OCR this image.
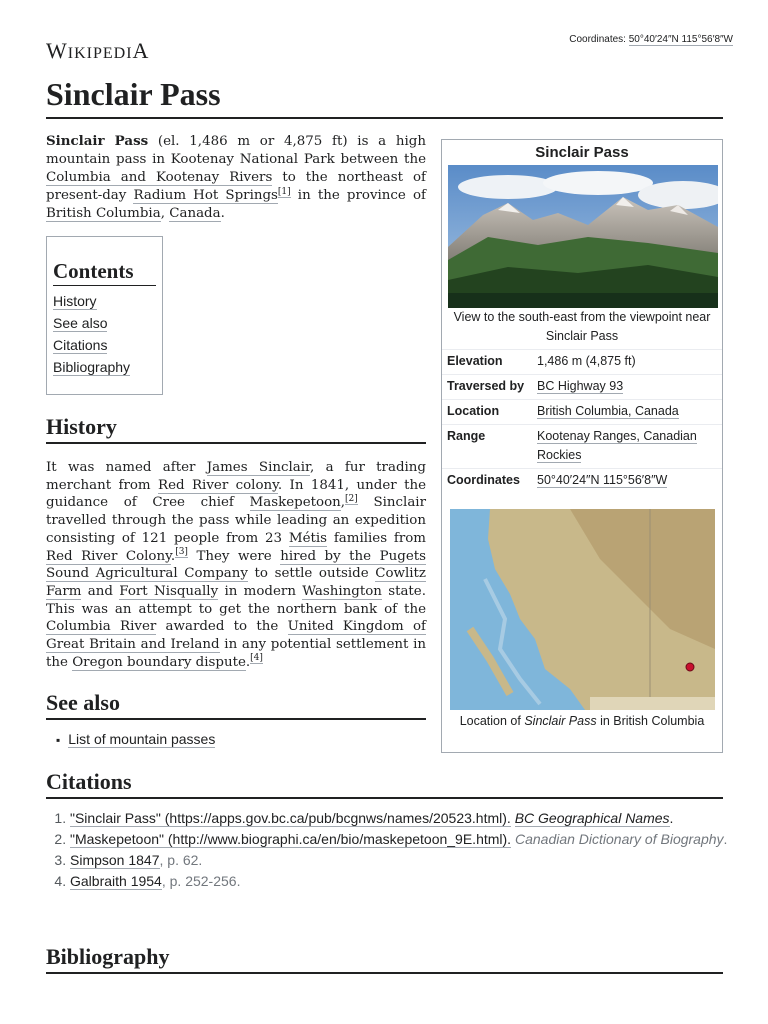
Coordinates: 50°40′24″N 115°56′8″W
WIKIPEDIA
Sinclair Pass

Sinclair Pass (el. 1,486 m or 4,875 ft) is a high mountain pass in Kootenay National Park between the Columbia and Kootenay Rivers to the northeast of present-day Radium Hot Springs[1] in the province of British Columbia, Canada.

Contents
History
See also
Citations
Bibliography
History

It was named after James Sinclair, a fur trading merchant from Red River colony. In 1841, under the guidance of Cree chief Maskepetoon,[2] Sinclair travelled through the pass while leading an expedition consisting of 121 people from 23 Métis families from Red River Colony.[3] They were hired by the Pugets Sound Agricultural Company to settle outside Cowlitz Farm and Fort Nisqually in modern Washington state. This was an attempt to get the northern bank of the Columbia River awarded to the United Kingdom of Great Britain and Ireland in any potential settlement in the Oregon boundary dispute.[4]

See also
▪ List of mountain passes
Citations
1. "Sinclair Pass" (https://apps.gov.bc.ca/pub/bcgnws/names/20523.html). BC Geographical Names.
2. "Maskepetoon" (http://www.biographi.ca/en/bio/maskepetoon_9E.html). Canadian Dictionary of Biography.
3. Simpson 1847, p. 62.
4. Galbraith 1954, p. 252-256.
Bibliography
Sinclair Pass
View to the south-east from the viewpoint near Sinclair Pass
Elevation	1,486 m (4,875 ft)
Traversed by	BC Highway 93
Location	British Columbia, Canada
Range	Kootenay Ranges, Canadian Rockies
Coordinates	50°40′24″N 115°56′8″W
Location of Sinclair Pass in British Columbia
